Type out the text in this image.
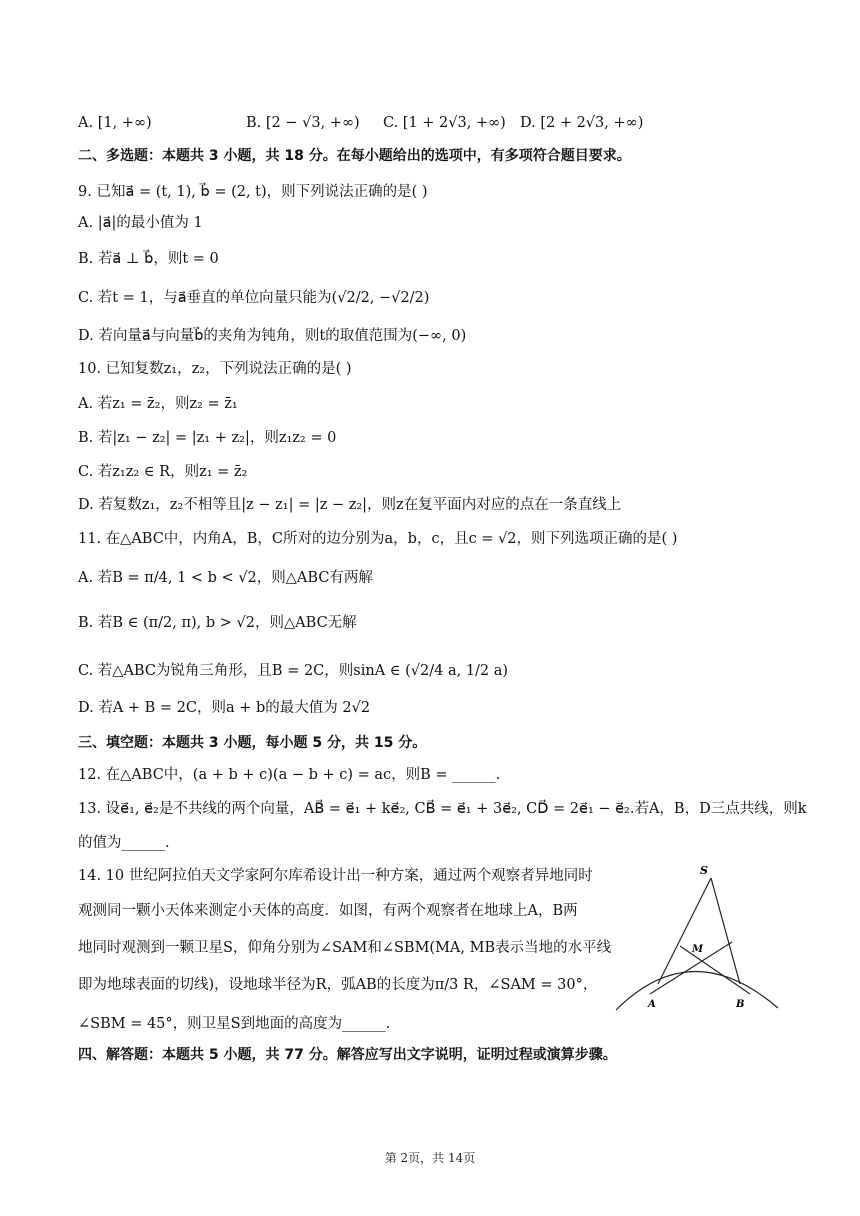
A. [1, +∞)	B. [2 − √3, +∞) C. [1 + 2√3, +∞) D. [2 + 2√3, +∞)
二、多选题：本题共 3 小题，共 18 分。在每小题给出的选项中，有多项符合题目要求。
9. 已知a⃗ = (t, 1), b⃗ = (2, t)，则下列说法正确的是( )
A. |a⃗|的最小值为 1
B. 若a⃗ ⊥ b⃗，则t = 0
C. 若t = 1，与a⃗垂直的单位向量只能为(√2/2, −√2/2)
D. 若向量a⃗与向量b⃗的夹角为钝角，则t的取值范围为(−∞, 0)
10. 已知复数z₁，z₂，下列说法正确的是( )
A. 若z₁ = z̄₂，则z₂ = z̄₁
B. 若|z₁ − z₂| = |z₁ + z₂|，则z₁z₂ = 0
C. 若z₁z₂ ∈ R，则z₁ = z̄₂
D. 若复数z₁，z₂不相等且|z − z₁| = |z − z₂|，则z在复平面内对应的点在一条直线上
11. 在△ABC中，内角A，B，C所对的边分别为a，b，c，且c = √2，则下列选项正确的是( )
A. 若B = π/4, 1 < b < √2，则△ABC有两解
B. 若B ∈ (π/2, π), b > √2，则△ABC无解
C. 若△ABC为锐角三角形，且B = 2C，则sinA ∈ (√2/4 a, 1/2 a)
D. 若A + B = 2C，则a + b的最大值为 2√2
三、填空题：本题共 3 小题，每小题 5 分，共 15 分。
12. 在△ABC中，(a + b + c)(a − b + c) = ac，则B = ______.
13. 设e⃗₁, e⃗₂是不共线的两个向量，AB⃗ = e⃗₁ + ke⃗₂, CB⃗ = e⃗₁ + 3e⃗₂, CD⃗ = 2e⃗₁ − e⃗₂.若A，B，D三点共线，则k
的值为______.
14. 10 世纪阿拉伯天文学家阿尔库希设计出一种方案，通过两个观察者异地同时
观测同一颗小天体来测定小天体的高度．如图，有两个观察者在地球上A，B两
地同时观测到一颗卫星S，仰角分别为∠SAM和∠SBM(MA, MB表示当地的水平线
即为地球表面的切线)，设地球半径为R，弧AB的长度为π/3 R，∠SAM = 30°，
∠SBM = 45°，则卫星S到地面的高度为______.
S
M
A	B
四、解答题：本题共 5 小题，共 77 分。解答应写出文字说明，证明过程或演算步骤。
第 2页，共 14页
